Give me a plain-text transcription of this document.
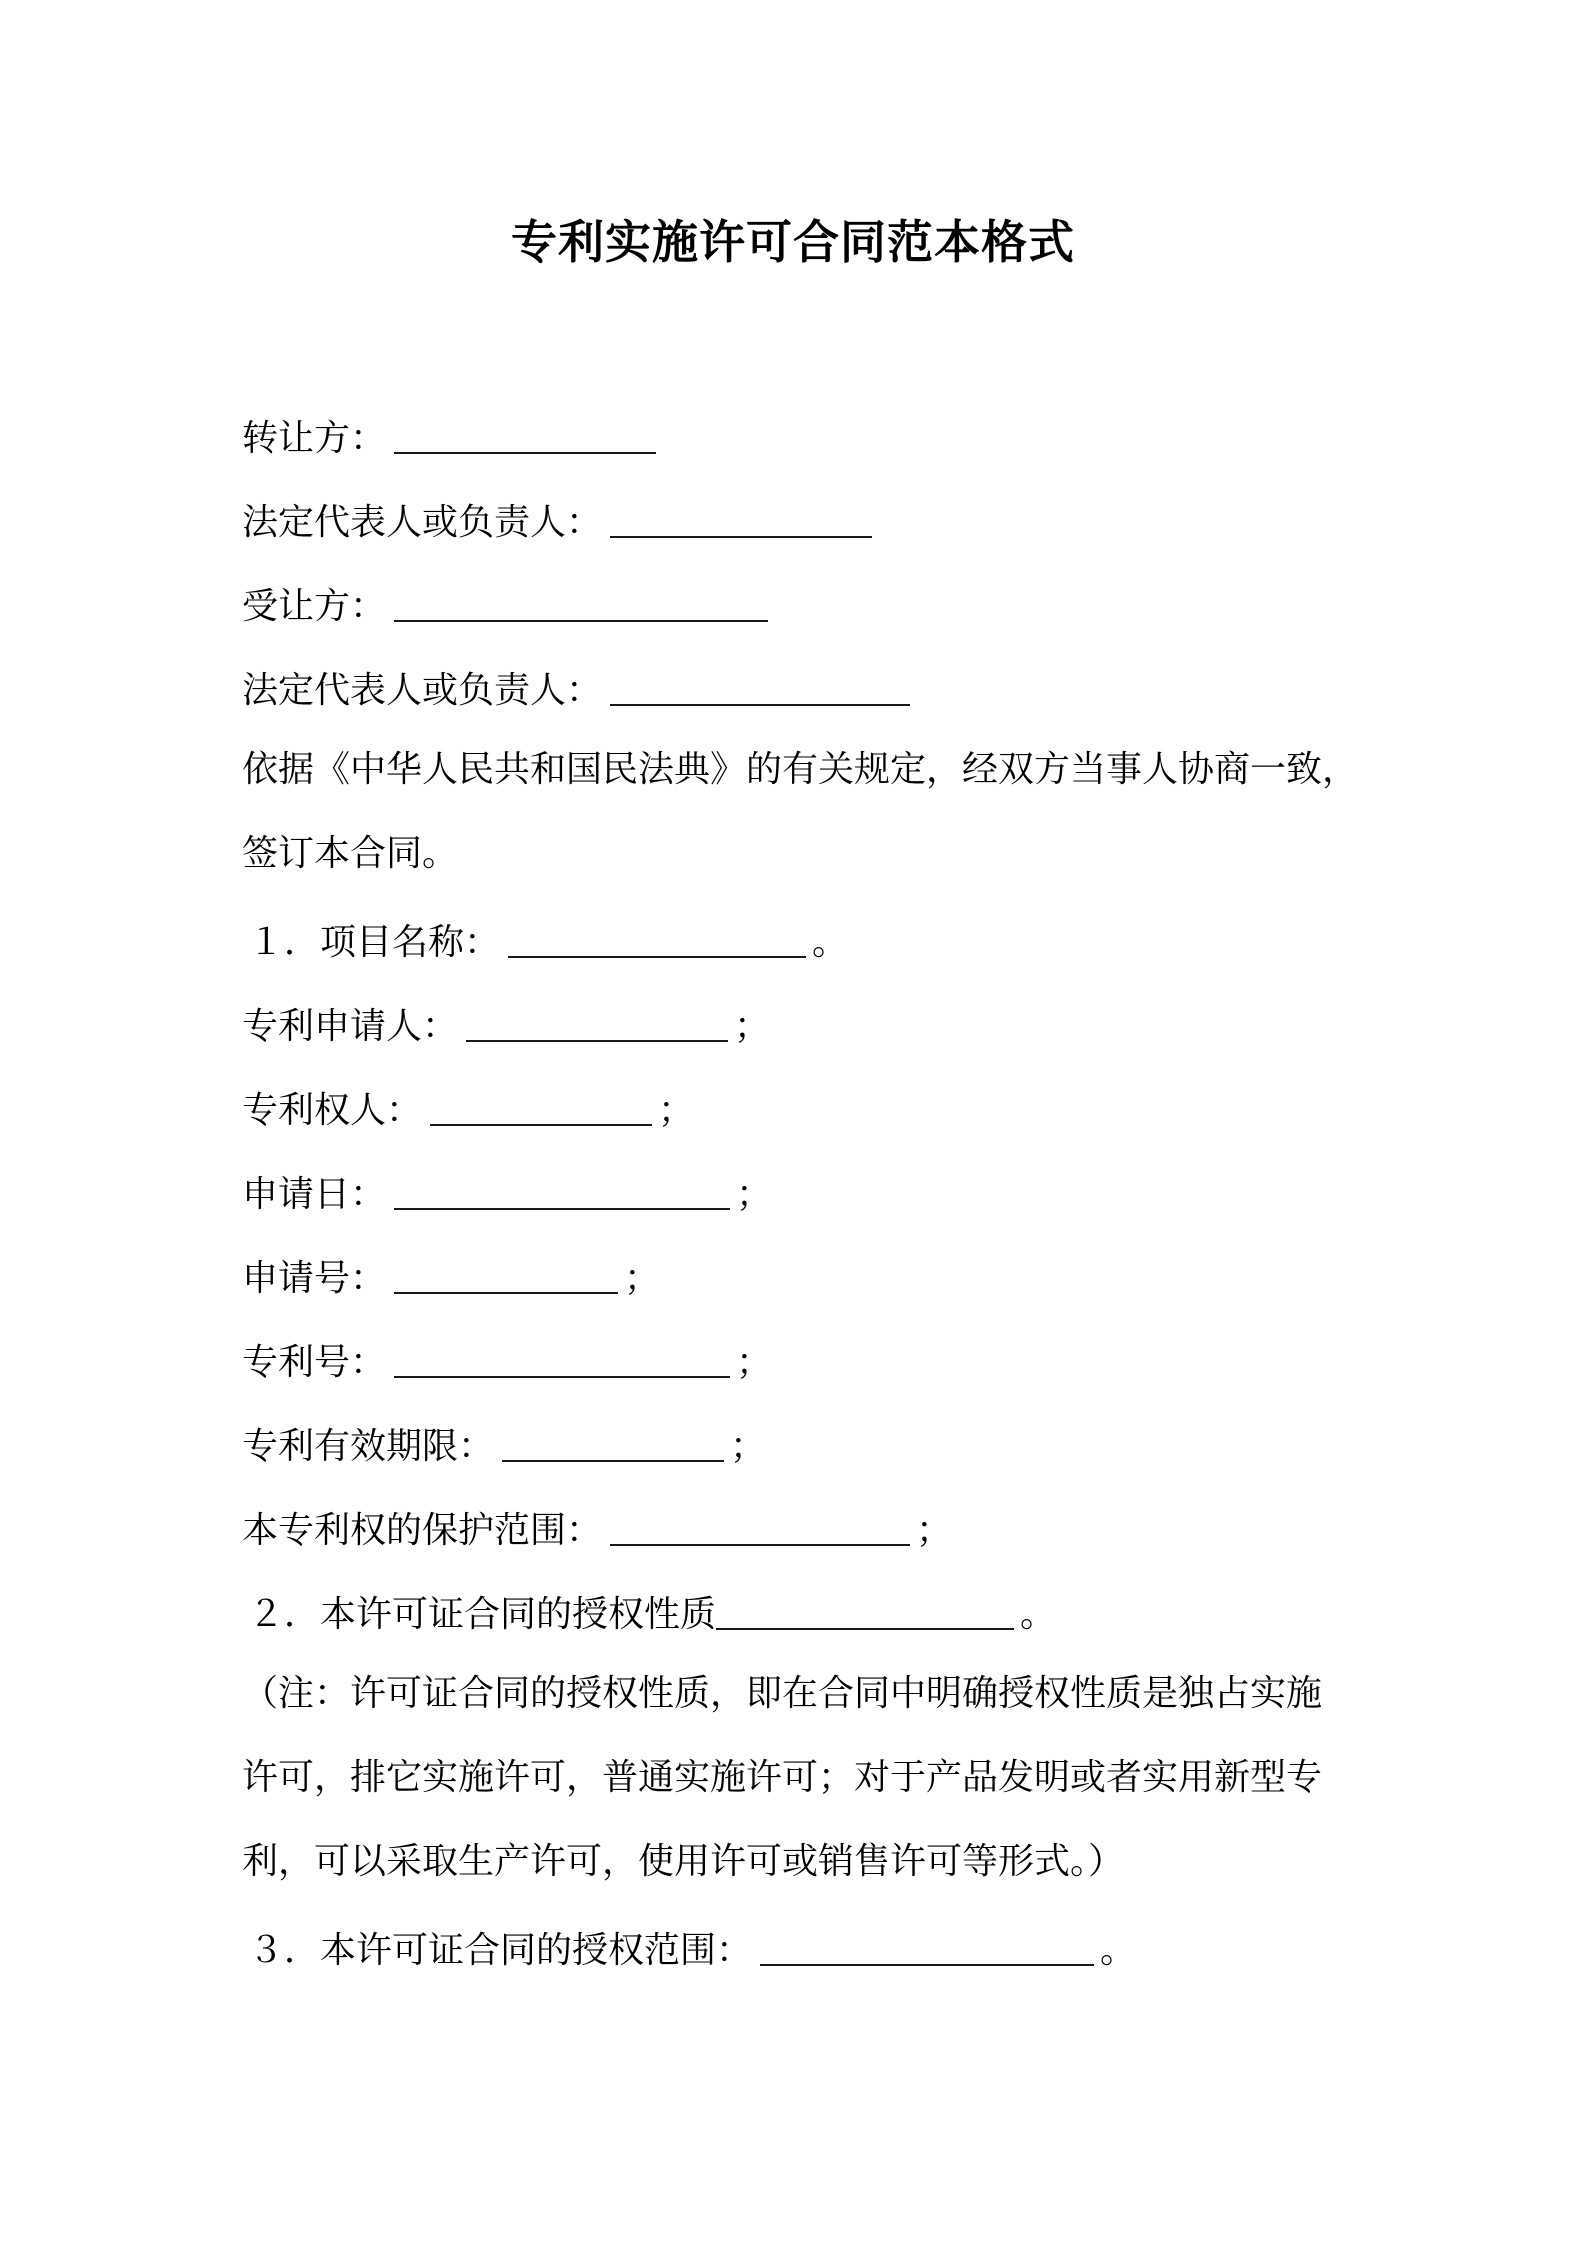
专利实施许可合同范本格式
转让方：
法定代表人或负责人：
受让方：
法定代表人或负责人：
依据《中华人民共和国民法典》的有关规定，经双方当事人协商一致，
签订本合同。
１．项目名称：	。
专利申请人：	；
专利权人：	；
申请日：	；
申请号：	；
专利号：	；
专利有效期限：	；
本专利权的保护范围：	；
２．本许可证合同的授权性质	。
（注：许可证合同的授权性质，即在合同中明确授权性质是独占实施
许可，排它实施许可，普通实施许可；对于产品发明或者实用新型专
利，可以采取生产许可，使用许可或销售许可等形式。）
３．本许可证合同的授权范围：	。
